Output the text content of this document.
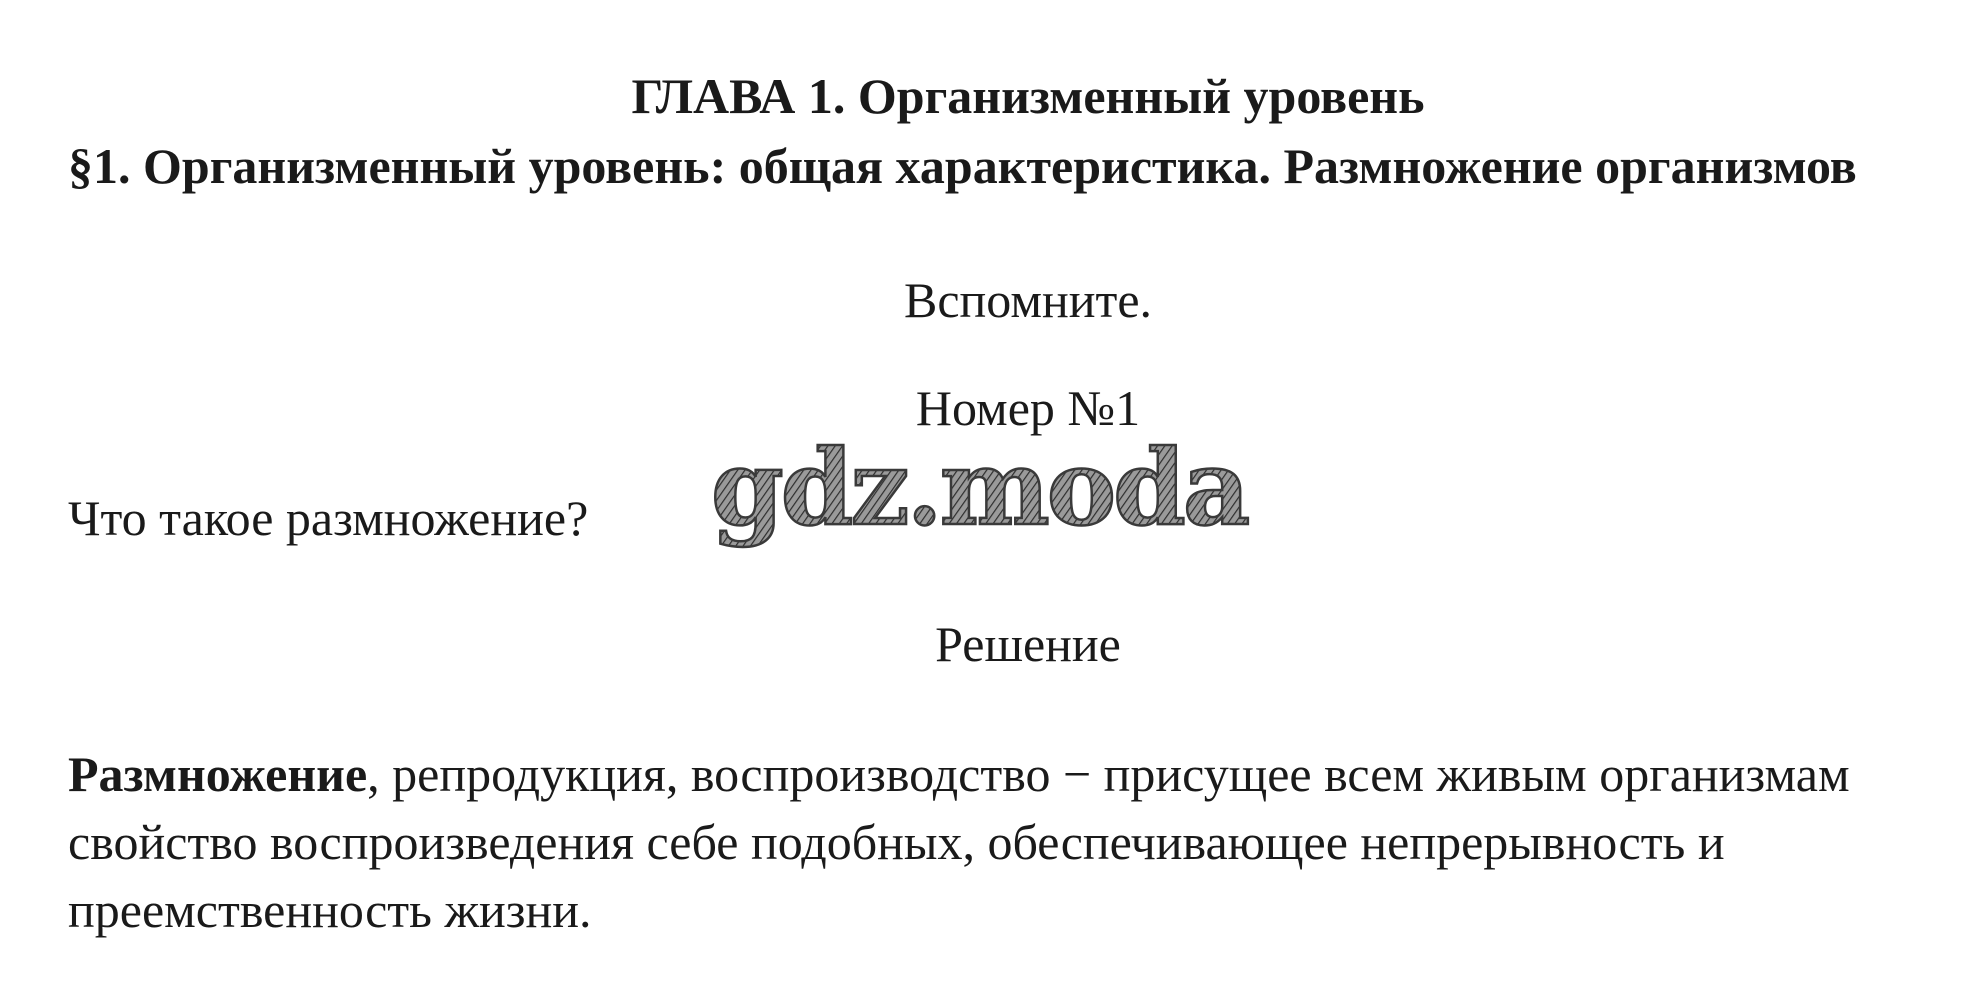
ГЛАВА 1. Организменный уровень
§1. Организменный уровень: общая характеристика. Размножение организмов
Вспомните.
Номер №1
Что такое размножение? gdz.moda
Решение
Размножение, репродукция, воспроизводство − присущее всем живым организмам свойство воспроизведения себе подобных, обеспечивающее непрерывность и преемственность жизни.
